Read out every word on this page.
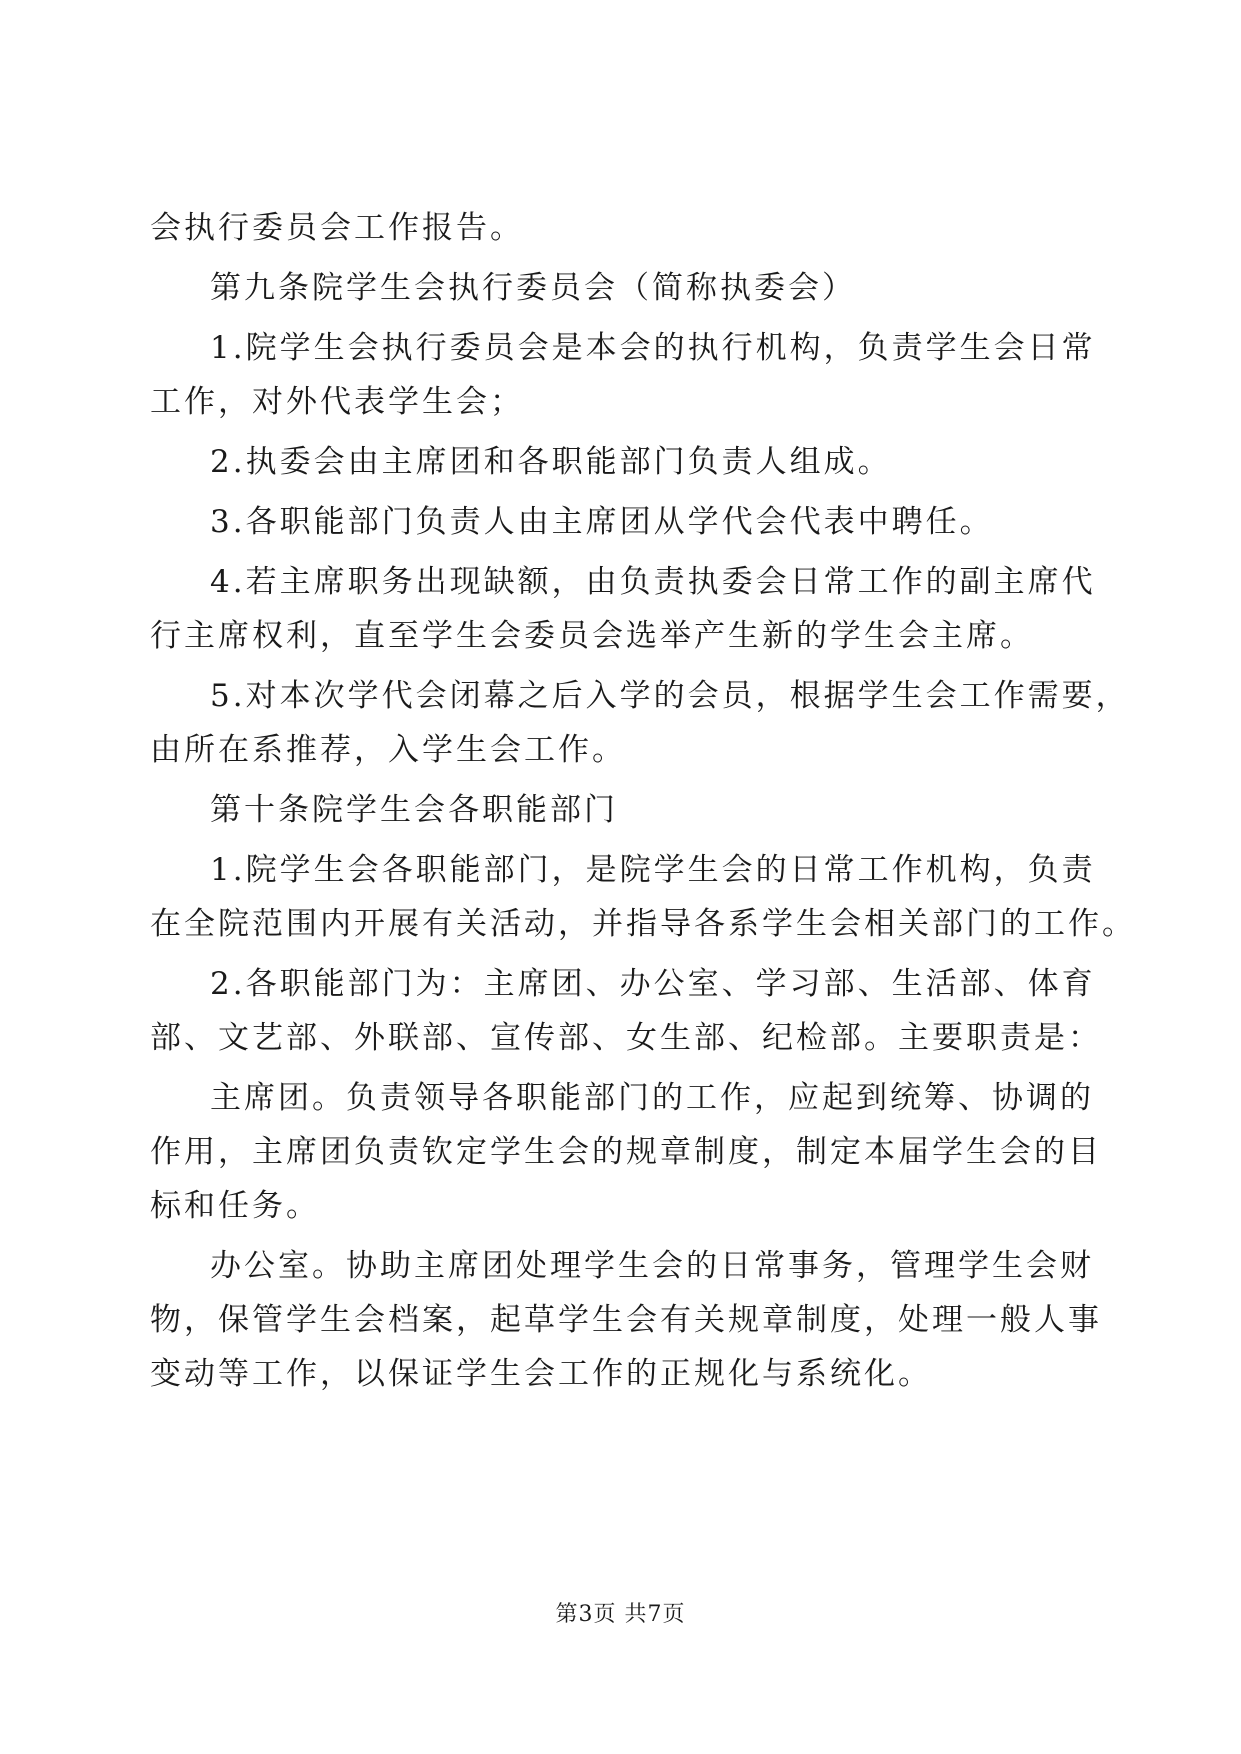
会执行委员会工作报告。
第九条院学生会执行委员会（简称执委会）
1.院学生会执行委员会是本会的执行机构，负责学生会日常
工作，对外代表学生会；
2.执委会由主席团和各职能部门负责人组成。
3.各职能部门负责人由主席团从学代会代表中聘任。
4.若主席职务出现缺额，由负责执委会日常工作的副主席代
行主席权利，直至学生会委员会选举产生新的学生会主席。
5.对本次学代会闭幕之后入学的会员，根据学生会工作需要，
由所在系推荐，入学生会工作。
第十条院学生会各职能部门
1.院学生会各职能部门，是院学生会的日常工作机构，负责
在全院范围内开展有关活动，并指导各系学生会相关部门的工作。
2.各职能部门为：主席团、办公室、学习部、生活部、体育
部、文艺部、外联部、宣传部、女生部、纪检部。主要职责是：
主席团。负责领导各职能部门的工作，应起到统筹、协调的
作用，主席团负责钦定学生会的规章制度，制定本届学生会的目
标和任务。
办公室。协助主席团处理学生会的日常事务，管理学生会财
物，保管学生会档案，起草学生会有关规章制度，处理一般人事
变动等工作，以保证学生会工作的正规化与系统化。
第3页 共7页
